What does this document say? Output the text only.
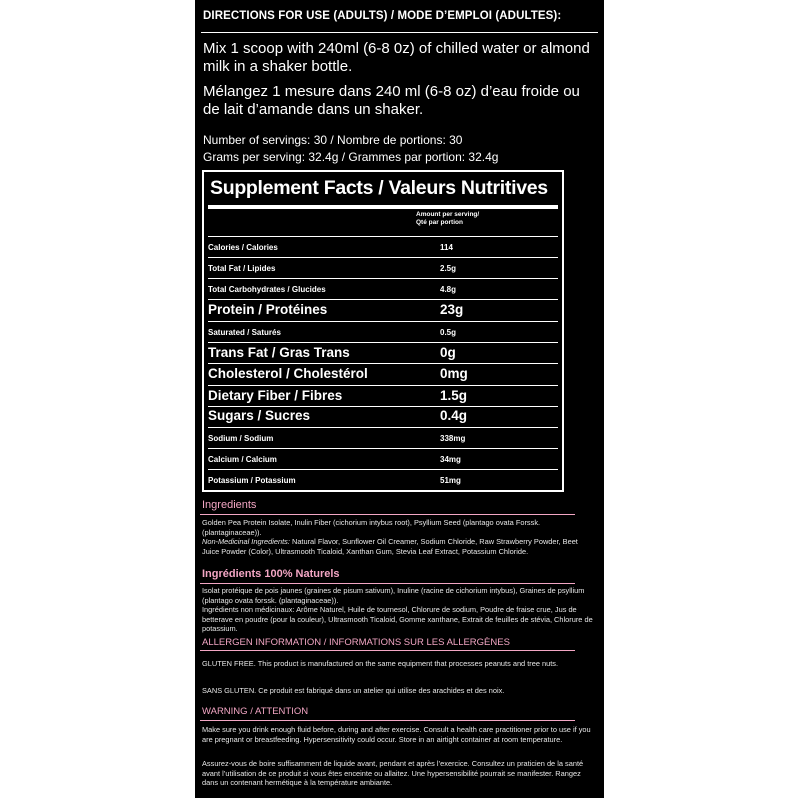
DIRECTIONS FOR USE (ADULTS) / MODE D’EMPLOI (ADULTES):
Mix 1 scoop with 240ml (6-8 0z) of chilled water or almond milk in a shaker bottle.
Mélangez 1 mesure dans 240 ml (6-8 oz) d’eau froide ou de lait d’amande dans un shaker.
Number of servings: 30 / Nombre de portions: 30
Grams per serving: 32.4g / Grammes par portion: 32.4g
Supplement Facts / Valeurs Nutritives
Amount per serving/
Qté par portion
Calories / Calories	114
Total Fat / Lipides	2.5g
Total Carbohydrates / Glucides	4.8g
Protein / Protéines	23g
Saturated / Saturés	0.5g
Trans Fat / Gras Trans	0g
Cholesterol / Cholestérol	0mg
Dietary Fiber / Fibres	1.5g
Sugars / Sucres	0.4g
Sodium / Sodium	338mg
Calcium / Calcium	34mg
Potassium / Potassium	51mg
Ingredients
Golden Pea Protein Isolate, Inulin Fiber (cichorium intybus root), Psyllium Seed (plantago ovata Forssk. (plantaginaceae)).
Non-Medicinal Ingredients: Natural Flavor, Sunflower Oil Creamer, Sodium Chloride, Raw Strawberry Powder, Beet Juice Powder (Color), Ultrasmooth Ticaloid, Xanthan Gum, Stevia Leaf Extract, Potassium Chloride.
Ingrédients 100% Naturels
Isolat protéique de pois jaunes (graines de pisum sativum), Inuline (racine de cichorium intybus), Graines de psyllium (plantago ovata forssk. (plantaginaceae)).
Ingrédients non médicinaux: Arôme Naturel, Huile de tournesol, Chlorure de sodium, Poudre de fraise crue, Jus de betterave en poudre (pour la couleur), Ultrasmooth Ticaloid, Gomme xanthane, Extrait de feuilles de stévia, Chlorure de potassium.
ALLERGEN INFORMATION / INFORMATIONS SUR LES ALLERGÈNES
GLUTEN FREE. This product is manufactured on the same equipment that processes peanuts and tree nuts.
SANS GLUTEN. Ce produit est fabriqué dans un atelier qui utilise des arachides et des noix.
WARNING / ATTENTION
Make sure you drink enough fluid before, during and after exercise. Consult a health care practitioner prior to use if you are pregnant or breastfeeding. Hypersensitivity could occur. Store in an airtight container at room temperature.
Assurez-vous de boire suffisamment de liquide avant, pendant et après l’exercice. Consultez un praticien de la santé avant l’utilisation de ce produit si vous êtes enceinte ou allaitez. Une hypersensibilité pourrait se manifester. Rangez dans un contenant hermétique à la température ambiante.
